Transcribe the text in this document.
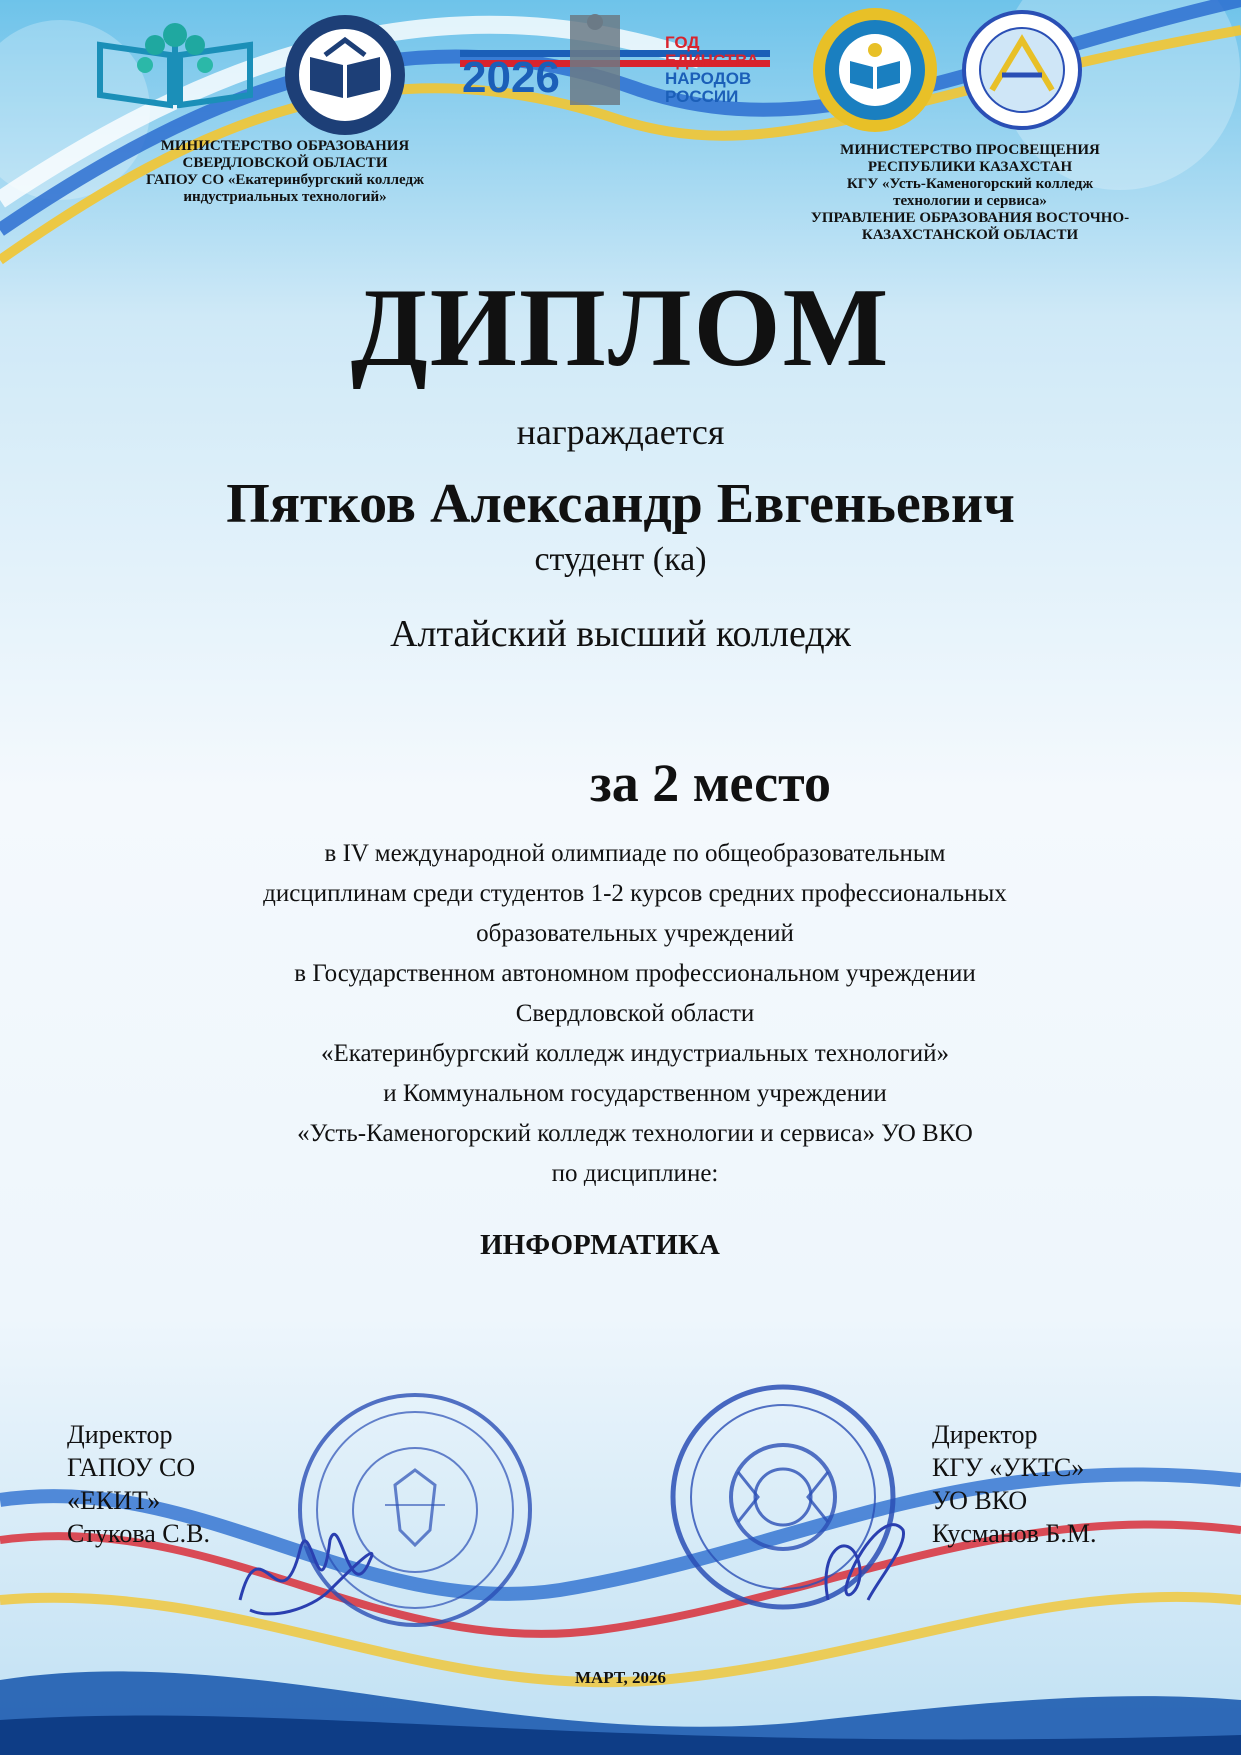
2026
ГОД
ЕДИНСТВА
НАРОДОВ
РОССИИ
МИНИСТЕРСТВО ОБРАЗОВАНИЯ
СВЕРДЛОВСКОЙ ОБЛАСТИ
ГАПОУ СО «Екатеринбургский колледж
индустриальных технологий»
МИНИСТЕРСТВО ПРОСВЕЩЕНИЯ
РЕСПУБЛИКИ КАЗАХСТАН
КГУ «Усть-Каменогорский колледж
технологии и сервиса»
УПРАВЛЕНИЕ ОБРАЗОВАНИЯ ВОСТОЧНО-
КАЗАХСТАНСКОЙ ОБЛАСТИ
ДИПЛОМ
награждается
Пятков Александр Евгеньевич
студент (ка)
Алтайский высший колледж
за 2 место
в IV международной олимпиаде по общеобразовательным
дисциплинам среди студентов 1-2 курсов средних профессиональных
образовательных учреждений
в Государственном автономном профессиональном учреждении
Свердловской области
«Екатеринбургский колледж индустриальных технологий»
и Коммунальном государственном учреждении
«Усть-Каменогорский колледж технологии и сервиса» УО ВКО
по дисциплине:
ИНФОРМАТИКА
Директор
ГАПОУ СО
«ЕКИТ»
Стукова С.В.
Директор
КГУ «УКТС»
УО ВКО
Кусманов Б.М.
МАРТ, 2026
